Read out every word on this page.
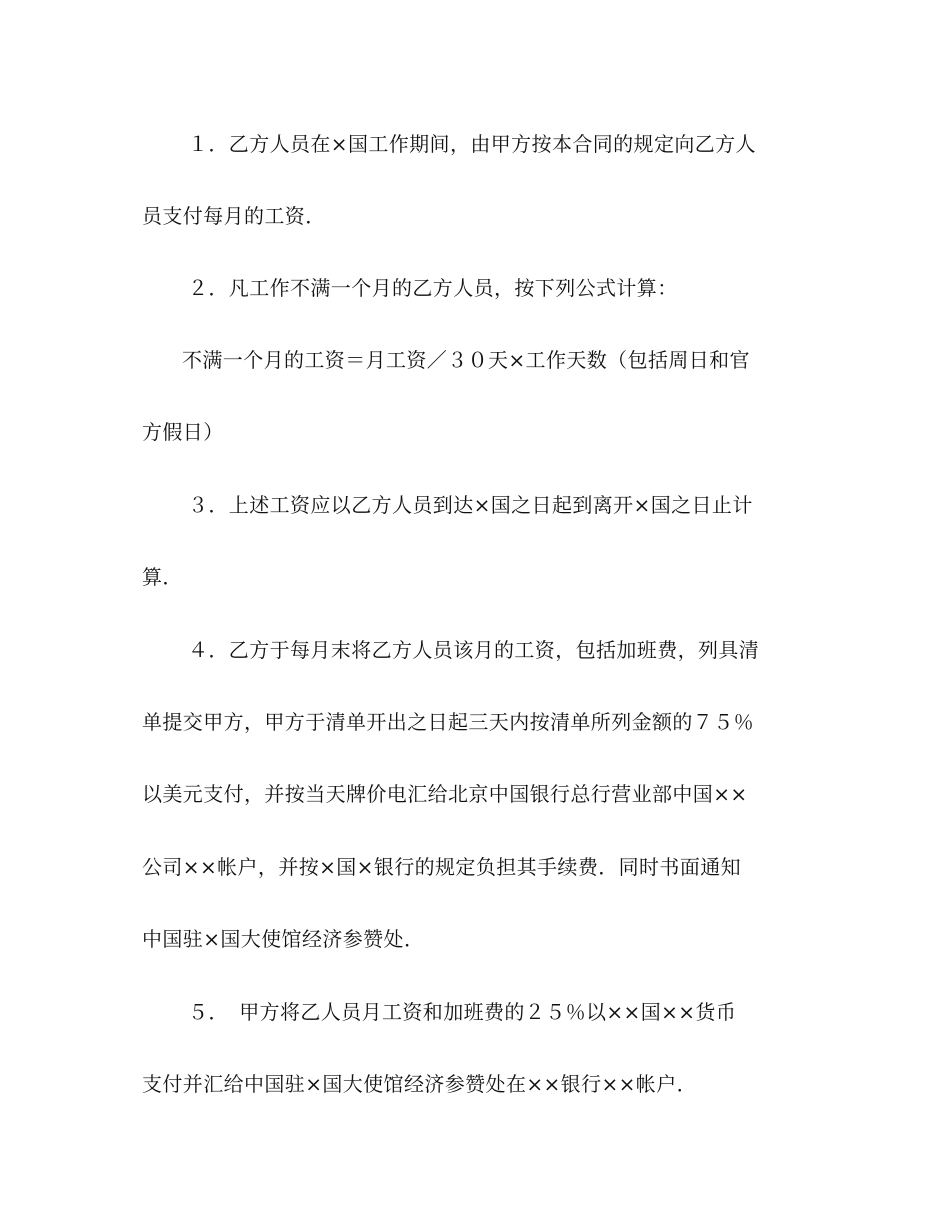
１．乙方人员在×国工作期间，由甲方按本合同的规定向乙方人
员支付每月的工资．
２．凡工作不满一个月的乙方人员，按下列公式计算：
不满一个月的工资＝月工资／３０天×工作天数（包括周日和官
方假日）
３．上述工资应以乙方人员到达×国之日起到离开×国之日止计
算．
４．乙方于每月末将乙方人员该月的工资，包括加班费，列具清
单提交甲方，甲方于清单开出之日起三天内按清单所列金额的７５％
以美元支付，并按当天牌价电汇给北京中国银行总行营业部中国××
公司××帐户，并按×国×银行的规定负担其手续费．同时书面通知
中国驻×国大使馆经济参赞处．
５．　甲方将乙人员月工资和加班费的２５％以××国××货币
支付并汇给中国驻×国大使馆经济参赞处在××银行××帐户．
